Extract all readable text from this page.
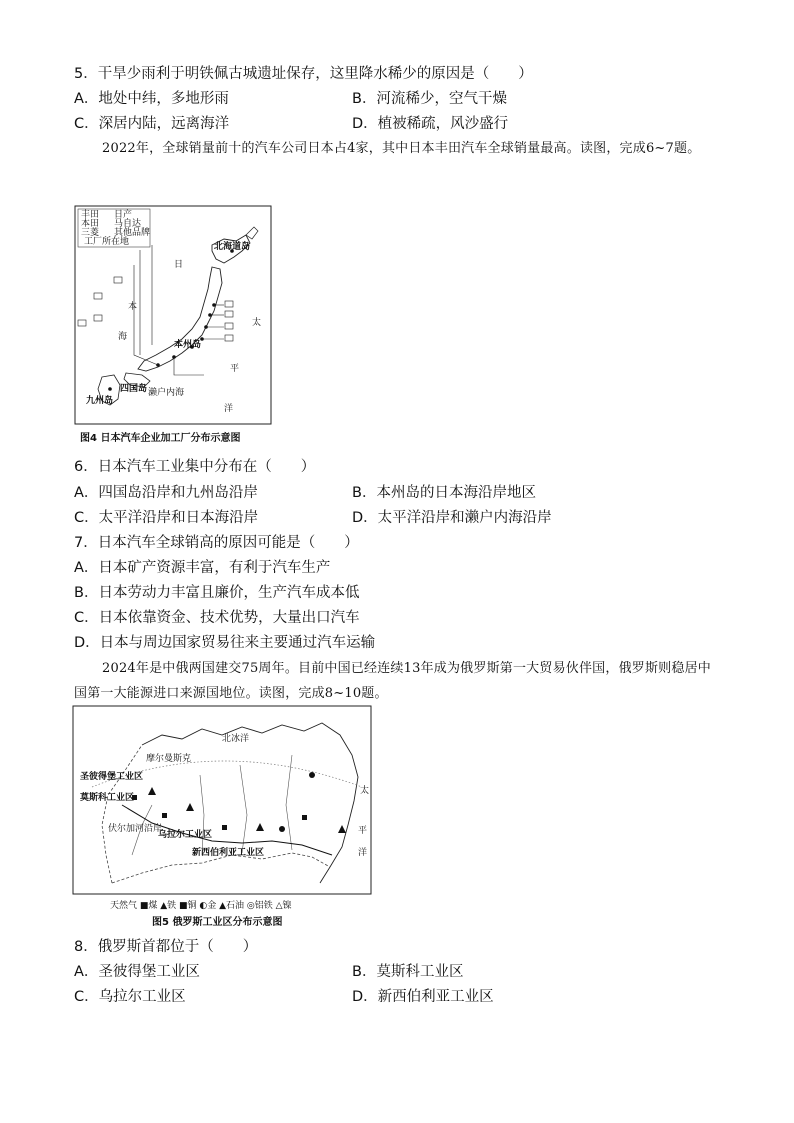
5．干旱少雨利于明铁佩古城遗址保存，这里降水稀少的原因是（　　）
A．地处中纬，多地形雨	B．河流稀少，空气干燥
C．深居内陆，远离海洋	D．植被稀疏，风沙盛行
2022年，全球销量前十的汽车公司日本占4家，其中日本丰田汽车全球销量最高。读图，完成6~7题。
丰田 日产
本田 马自达
三菱 其他品牌
工厂所在地	北海道岛
本州岛
四国岛
九州岛
濑户内海
日
本
海
太
平
洋
图4 日本汽车企业加工厂分布示意图
6．日本汽车工业集中分布在（　　）
A．四国岛沿岸和九州岛沿岸	B．本州岛的日本海沿岸地区
C．太平洋沿岸和日本海沿岸	D．太平洋沿岸和濑户内海沿岸
7．日本汽车全球销高的原因可能是（　　）
A．日本矿产资源丰富，有利于汽车生产
B．日本劳动力丰富且廉价，生产汽车成本低
C．日本依靠资金、技术优势，大量出口汽车
D．日本与周边国家贸易往来主要通过汽车运输
2024年是中俄两国建交75周年。目前中国已经连续13年成为俄罗斯第一大贸易伙伴国，俄罗斯则稳居中国第一大能源进口来源国地位。读图，完成8~10题。
北冰洋
圣彼得堡工业区
莫斯科工业区
乌拉尔工业区
新西伯利亚工业区
伏尔加河沿岸
摩尔曼斯克
太
平
洋
天然气 ■煤 ▲铁 ■铜 ◐金 ▲石油 ◎铝铁 △镍
图5 俄罗斯工业区分布示意图
8．俄罗斯首都位于（　　）
A．圣彼得堡工业区	B．莫斯科工业区
C．乌拉尔工业区	D．新西伯利亚工业区
